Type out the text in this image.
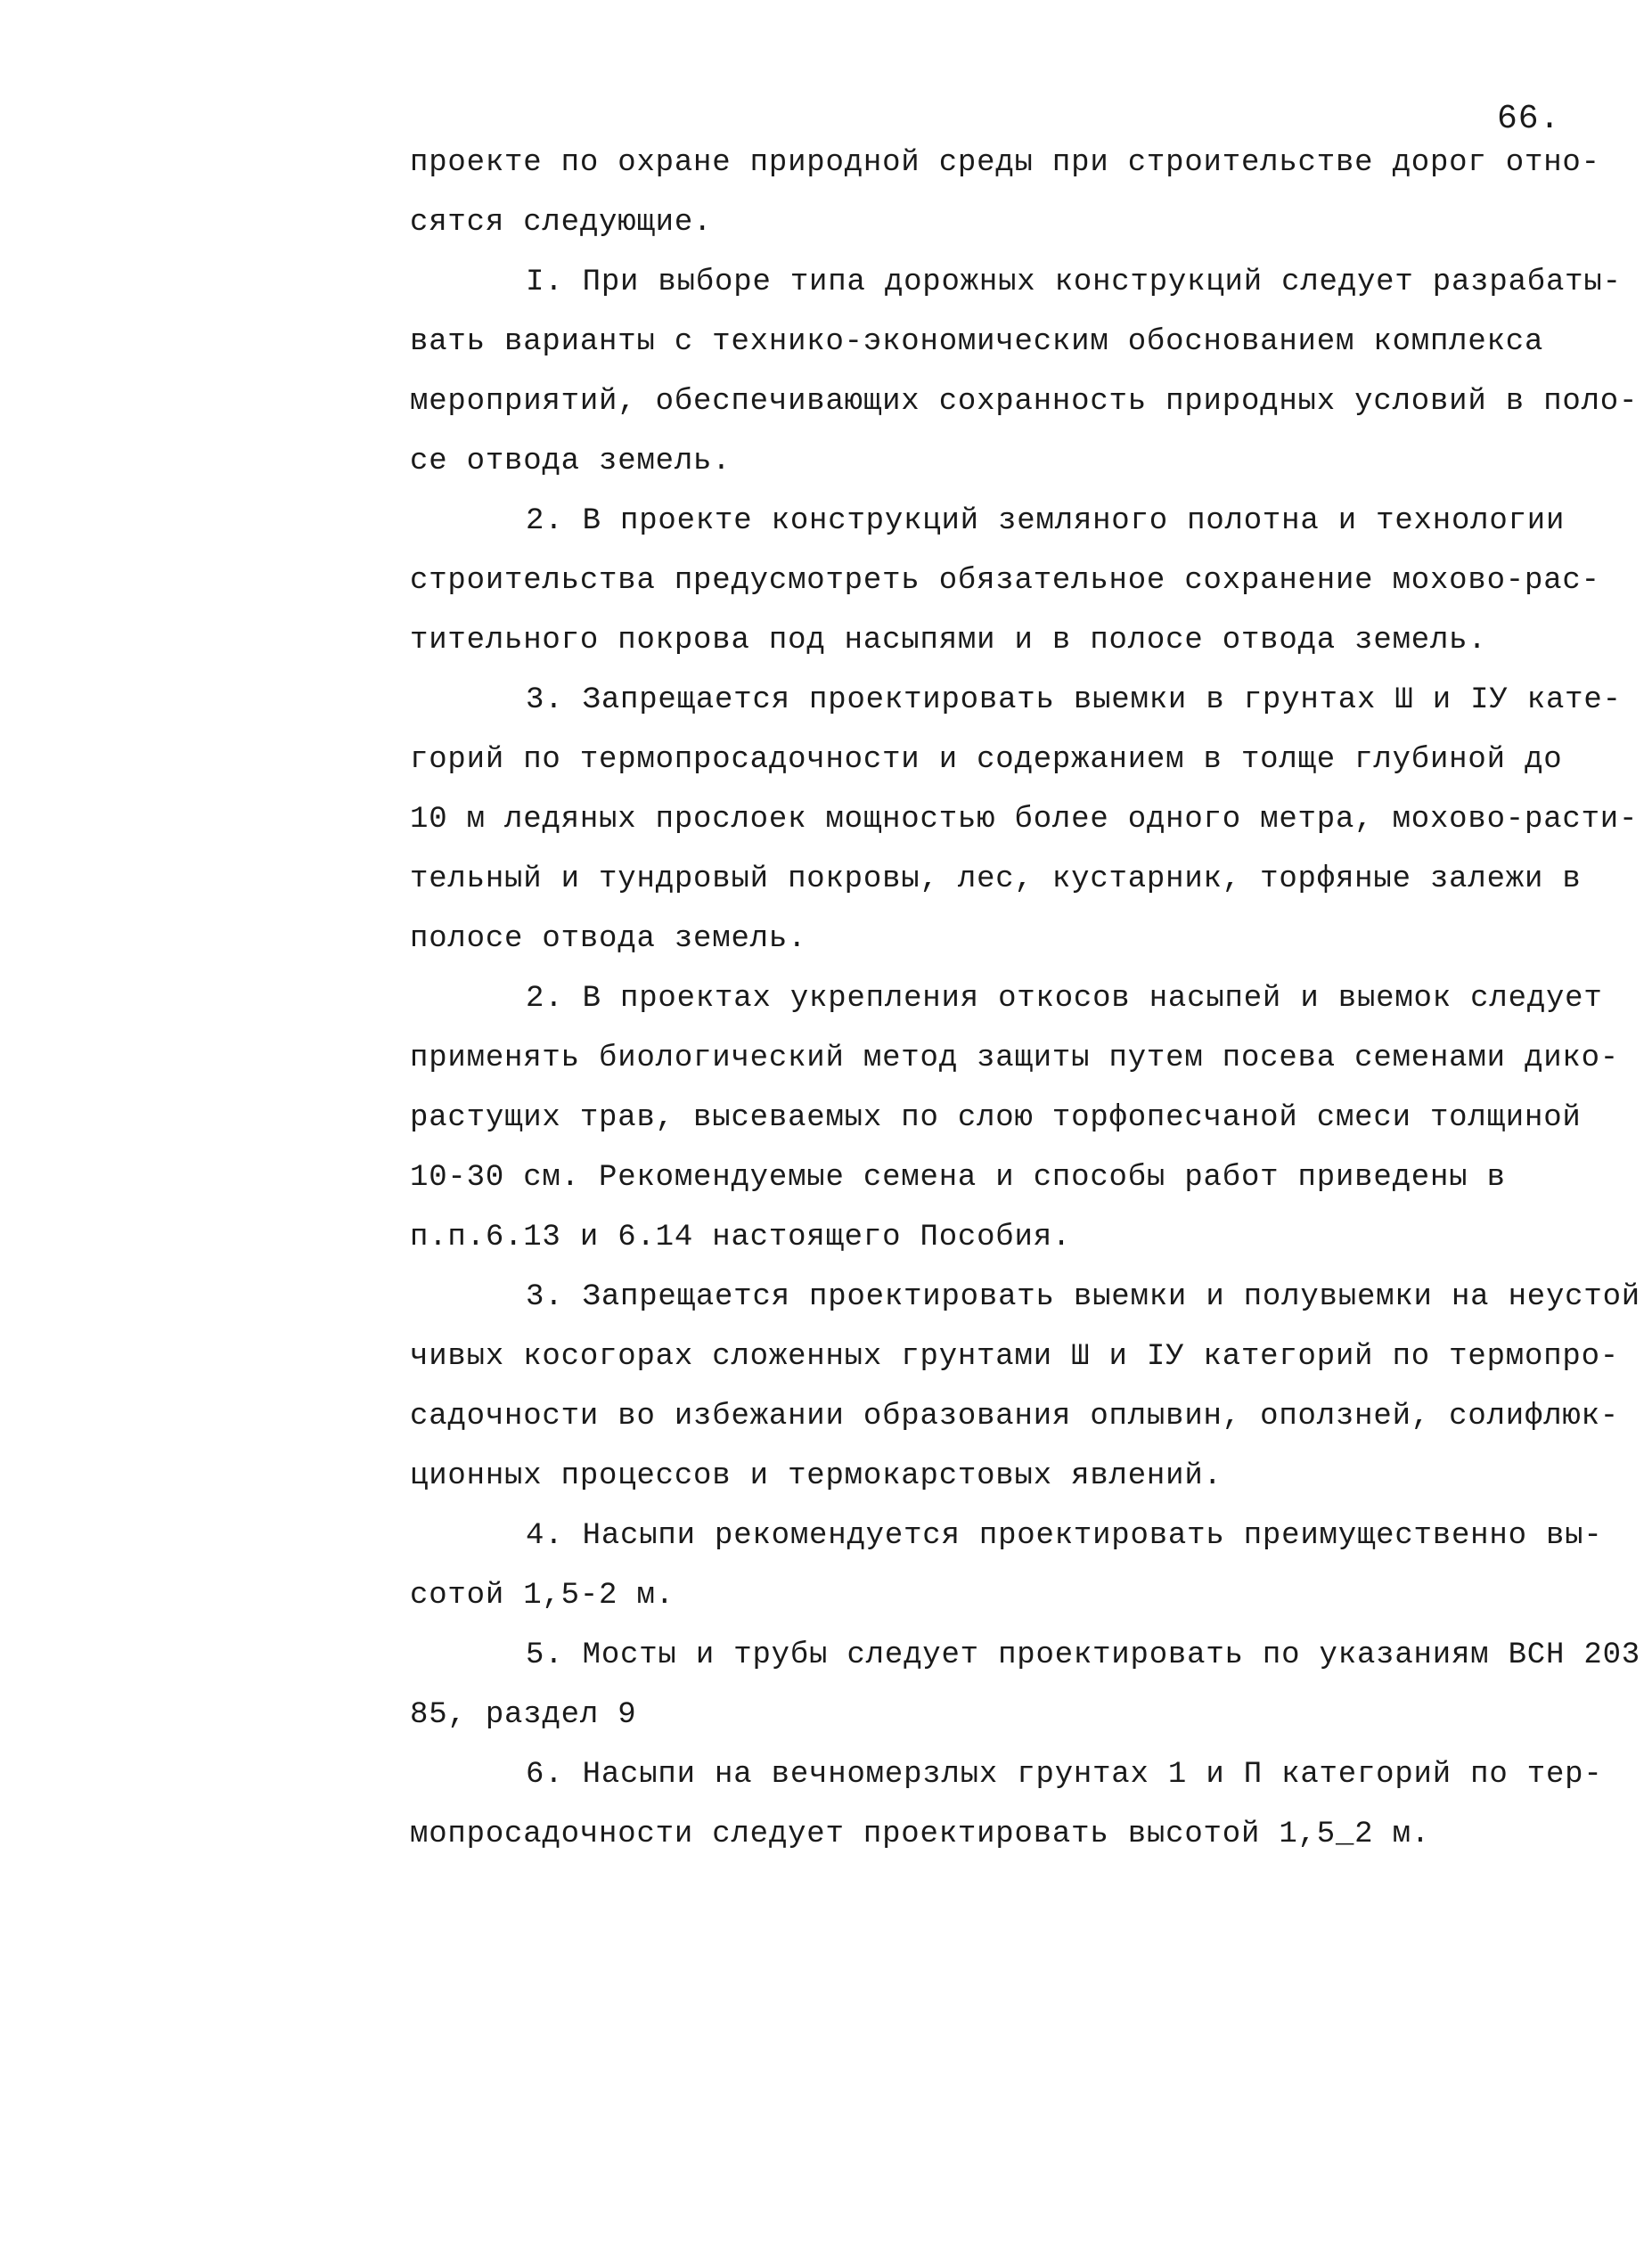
66.
проекте по охране природной среды при строительстве дорог отно-
сятся следующие.
I. При выборе типа дорожных конструкций следует разрабаты-
вать варианты с технико-экономическим обоснованием комплекса
мероприятий, обеспечивающих сохранность природных условий в поло-
се отвода земель.
2. В проекте конструкций земляного полотна и технологии
строительства предусмотреть обязательное сохранение мохово-рас-
тительного покрова под насыпями и в полосе отвода земель.
3. Запрещается проектировать выемки в грунтах Ш и IУ кате-
горий по термопросадочности и содержанием в толще глубиной до
10 м ледяных прослоек мощностью более одного метра, мохово-расти-
тельный и тундровый покровы, лес, кустарник, торфяные залежи в
полосе отвода земель.
2. В проектах укрепления откосов насыпей и выемок следует
применять биологический метод защиты путем посева семенами дико-
растущих трав, высеваемых по слою торфопесчаной смеси толщиной
10-30 см. Рекомендуемые семена и способы работ приведены в
п.п.6.13 и 6.14 настоящего Пособия.
3. Запрещается проектировать выемки и полувыемки на неустой
чивых косогорах сложенных грунтами Ш и IУ категорий по термопро-
садочности во избежании образования оплывин, оползней, солифлюк-
ционных процессов и термокарстовых явлений.
4. Насыпи рекомендуется проектировать преимущественно вы-
сотой 1,5-2 м.
5. Мосты и трубы следует проектировать по указаниям ВСН 203
85, раздел 9
6. Насыпи на вечномерзлых грунтах 1 и П категорий по тер-
мопросадочности следует проектировать высотой 1,5_2 м.
